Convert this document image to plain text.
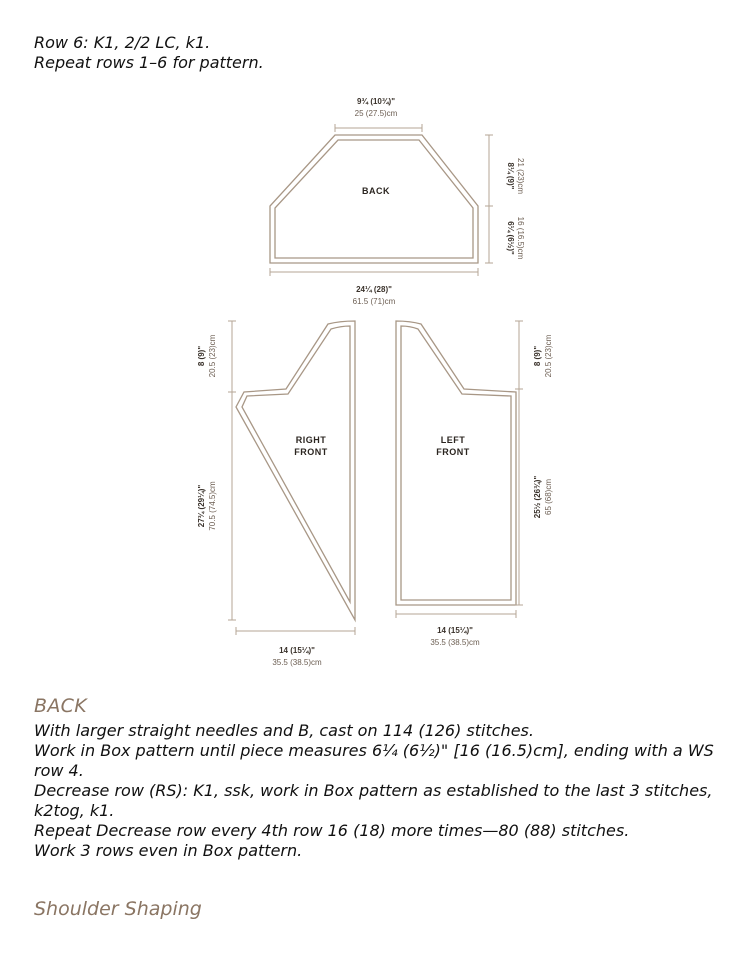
Row 6: K1, 2/2 LC, k1.
Repeat rows 1–6 for pattern.
BACK
RIGHT
FRONT
LEFT
FRONT
9¾ (10¾)"
25 (27.5)cm
24¼ (28)"
61.5 (71)cm
8¼ (9)" 21 (23)cm
6¼ (6½)" 16 (16.5)cm
8 (9)" 20.5 (23)cm
27¾ (29¼)" 70.5 (74.5)cm
14 (15¼)"
35.5 (38.5)cm
8 (9)" 20.5 (23)cm
25½ (26¾)" 65 (68)cm
14 (15¼)"
35.5 (38.5)cm
BACK
With larger straight needles and B, cast on 114 (126) stitches.
Work in Box pattern until piece measures 6¼ (6½)" [16 (16.5)cm], ending with a WS row 4.
Decrease row (RS): K1, ssk, work in Box pattern as established to the last 3 stitches, k2tog, k1.
Repeat Decrease row every 4th row 16 (18) more times—80 (88) stitches.
Work 3 rows even in Box pattern.
Shoulder Shaping
